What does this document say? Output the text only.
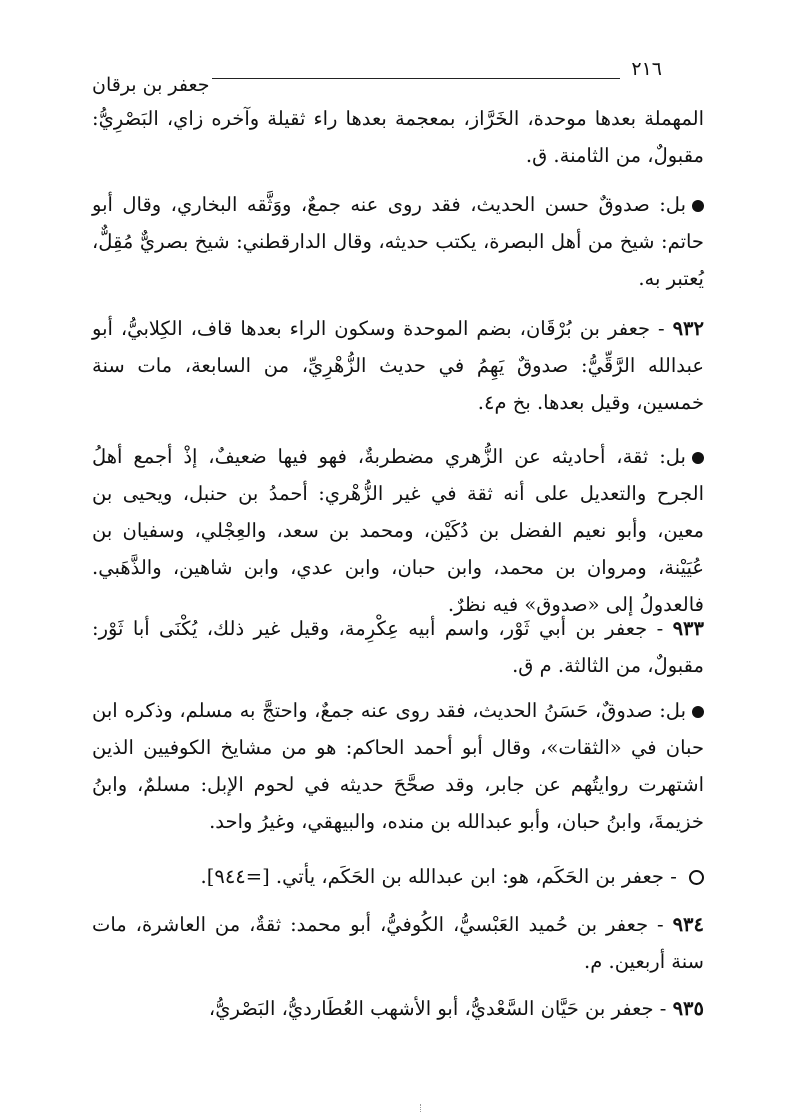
٢١٦
جعفر بن برقان

المهملة بعدها موحدة، الخَرَّاز، بمعجمة بعدها راء ثقيلة وآخره زاي، البَصْرِيُّ: مقبولٌ، من الثامنة. ق.

بل: صدوقٌ حسن الحديث، فقد روى عنه جمعٌ، ووَثَّقه البخاري، وقال أبو حاتم: شيخ من أهل البصرة، يكتب حديثه، وقال الدارقطني: شيخ بصريٌّ مُقِلٌّ، يُعتبر به.

٩٣٢ - جعفر بن بُرْقَان، بضم الموحدة وسكون الراء بعدها قاف، الكِلابيُّ، أبو عبدالله الرَّقِّيُّ: صدوقٌ يَهِمُ في حديث الزُّهْرِيِّ، من السابعة، مات سنة خمسين، وقيل بعدها. بخ م٤.

بل: ثقة، أحاديثه عن الزُّهري مضطربةٌ، فهو فيها ضعيفٌ، إذْ أجمع أهلُ الجرح والتعديل على أنه ثقة في غير الزُّهْري: أحمدُ بن حنبل، ويحيى بن معين، وأبو نعيم الفضل بن دُكَيْن، ومحمد بن سعد، والعِجْلي، وسفيان بن عُيَيْنة، ومروان بن محمد، وابن حبان، وابن عدي، وابن شاهين، والذَّهَبي. فالعدولُ إلى «صدوق» فيه نظرٌ.

٩٣٣ - جعفر بن أبي ثَوْر، واسم أبيه عِكْرِمة، وقيل غير ذلك، يُكْنَى أبا ثَوْر: مقبولٌ، من الثالثة. م ق.

بل: صدوقٌ، حَسَنُ الحديث، فقد روى عنه جمعٌ، واحتجَّ به مسلم، وذكره ابن حبان في «الثقات»، وقال أبو أحمد الحاكم: هو من مشايخ الكوفيين الذين اشتهرت روايتُهم عن جابر، وقد صحَّحَ حديثه في لحوم الإبل: مسلمٌ، وابنُ خزيمةَ، وابنُ حبان، وأبو عبدالله بن منده، والبيهقي، وغيرُ واحد.

- جعفر بن الحَكَم، هو: ابن عبدالله بن الحَكَم، يأتي. [=٩٤٤].

٩٣٤ - جعفر بن حُميد العَبْسيُّ، الكُوفيُّ، أبو محمد: ثقةٌ، من العاشرة، مات سنة أربعين. م.

٩٣٥ - جعفر بن حَيَّان السَّعْديُّ، أبو الأشهب العُطَارديُّ، البَصْريُّ،
